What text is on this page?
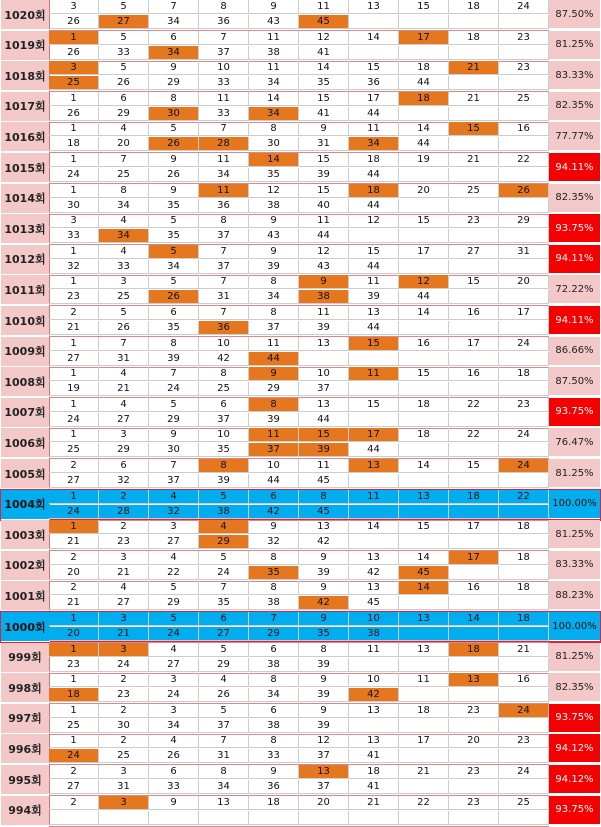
1020회
3	5	7	8	9	11	13	15	18	24
26	27	34	36	43	45
87.50%
1019회
1	5	6	7	11	12	14	17	18	23
26	33	34	37	38	41
81.25%
1018회
3	5	9	10	11	14	15	18	21	23
25	26	29	33	34	35	36	44
83.33%
1017회
1	6	8	11	14	15	17	18	21	25
26	29	30	33	34	41	44
82.35%
1016회
1	4	5	7	8	9	11	14	15	16
18	20	26	28	30	31	34	44
77.77%
1015회
1	7	9	11	14	15	18	19	21	22
24	25	26	34	35	39	44
94.11%
1014회
1	8	9	11	12	15	18	20	25	26
30	34	35	36	38	40	44
82.35%
1013회
3	4	5	8	9	11	12	15	23	29
33	34	35	37	43	44
93.75%
1012회
1	4	5	7	9	12	15	17	27	31
32	33	34	37	39	43	44
94.11%
1011회
1	3	5	7	8	9	11	12	15	20
23	25	26	31	34	38	39	44
72.22%
1010회
2	5	6	7	8	11	13	14	16	17
21	26	35	36	37	39	44
94.11%
1009회
1	7	8	10	11	13	15	16	17	24
27	31	39	42	44
86.66%
1008회
1	4	7	8	9	10	11	15	16	18
19	21	24	25	29	37
87.50%
1007회
1	4	5	6	8	13	15	18	22	23
24	27	29	37	39	44
93.75%
1006회
1	3	9	10	11	15	17	18	22	24
25	29	30	35	37	39	44
76.47%
1005회
2	6	7	8	10	11	13	14	15	24
27	32	37	39	44	45
81.25%
1004회
1	2	4	5	6	8	11	13	18	22
24	28	32	38	42	45
100.00%
1003회
1	2	3	4	9	13	14	15	17	18
21	23	27	29	32	42
81.25%
1002회
2	3	4	5	8	9	13	14	17	18
20	21	22	24	35	39	42	45
83.33%
1001회
2	4	5	7	8	9	13	14	16	18
21	27	29	35	38	42	45
88.23%
1000회
1	3	5	6	7	9	10	13	14	18
20	21	24	27	29	35	38
100.00%
999회
1	3	4	5	6	8	11	13	18	21
23	24	27	29	38	39
81.25%
998회
1	2	3	4	8	9	10	11	13	16
18	23	24	26	34	39	42
82.35%
997회
1	2	3	5	6	9	13	18	23	24
25	30	34	37	38	39
93.75%
996회
1	2	4	7	8	12	13	17	20	23
24	25	26	31	33	37	41
94.12%
995회
2	3	6	8	9	13	18	21	23	24
27	31	33	34	36	37	41
94.12%
994회
2	3	9	13	18	20	21	22	23	25
93.75%
